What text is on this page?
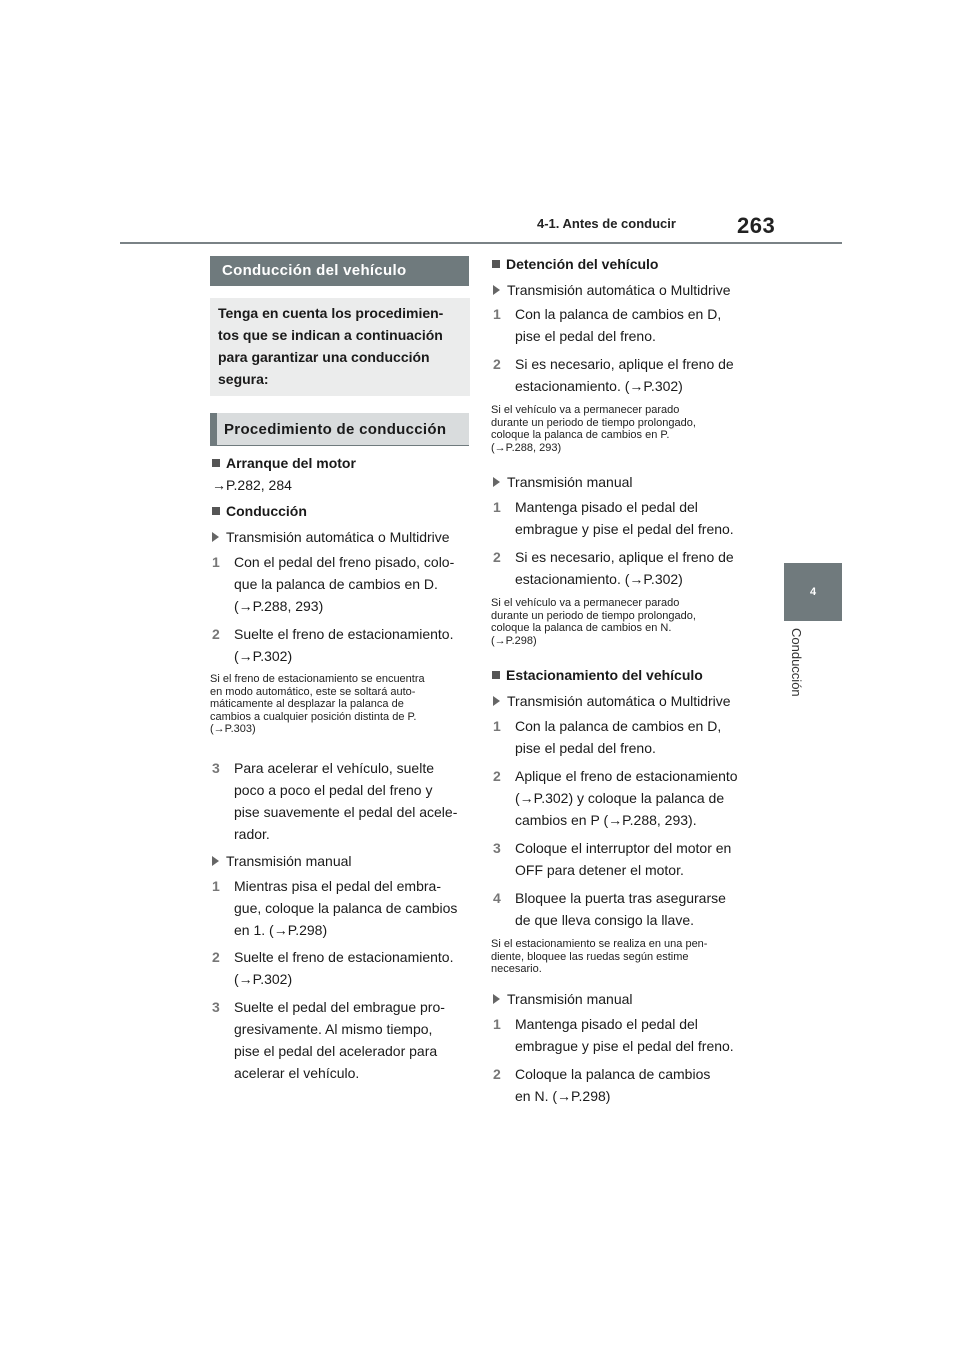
4-1. Antes de conducir	263
4
Conducción
Conducción del vehículo
Tenga en cuenta los procedimien-
tos que se indican a continuación
para garantizar una conducción
segura:
Procedimiento de conducción
Arranque del motor
→P.282, 284
Conducción
Transmisión automática o Multidrive
1 Con el pedal del freno pisado, colo-
que la palanca de cambios en D.
(→P.288, 293)
2 Suelte el freno de estacionamiento.
(→P.302)
Si el freno de estacionamiento se encuentra
en modo automático, este se soltará auto-
máticamente al desplazar la palanca de
cambios a cualquier posición distinta de P.
(→P.303)
3 Para acelerar el vehículo, suelte
poco a poco el pedal del freno y
pise suavemente el pedal del acele-
rador.
Transmisión manual
1 Mientras pisa el pedal del embra-
gue, coloque la palanca de cambios
en 1. (→P.298)
2 Suelte el freno de estacionamiento.
(→P.302)
3 Suelte el pedal del embrague pro-
gresivamente. Al mismo tiempo,
pise el pedal del acelerador para
acelerar el vehículo.
Detención del vehículo
Transmisión automática o Multidrive
1 Con la palanca de cambios en D,
pise el pedal del freno.
2 Si es necesario, aplique el freno de
estacionamiento. (→P.302)
Si el vehículo va a permanecer parado
durante un periodo de tiempo prolongado,
coloque la palanca de cambios en P.
(→P.288, 293)
Transmisión manual
1 Mantenga pisado el pedal del
embrague y pise el pedal del freno.
2 Si es necesario, aplique el freno de
estacionamiento. (→P.302)
Si el vehículo va a permanecer parado
durante un periodo de tiempo prolongado,
coloque la palanca de cambios en N.
(→P.298)
Estacionamiento del vehículo
Transmisión automática o Multidrive
1 Con la palanca de cambios en D,
pise el pedal del freno.
2 Aplique el freno de estacionamiento
(→P.302) y coloque la palanca de
cambios en P (→P.288, 293).
3 Coloque el interruptor del motor en
OFF para detener el motor.
4 Bloquee la puerta tras asegurarse
de que lleva consigo la llave.
Si el estacionamiento se realiza en una pen-
diente, bloquee las ruedas según estime
necesario.
Transmisión manual
1 Mantenga pisado el pedal del
embrague y pise el pedal del freno.
2 Coloque la palanca de cambios
en N. (→P.298)
